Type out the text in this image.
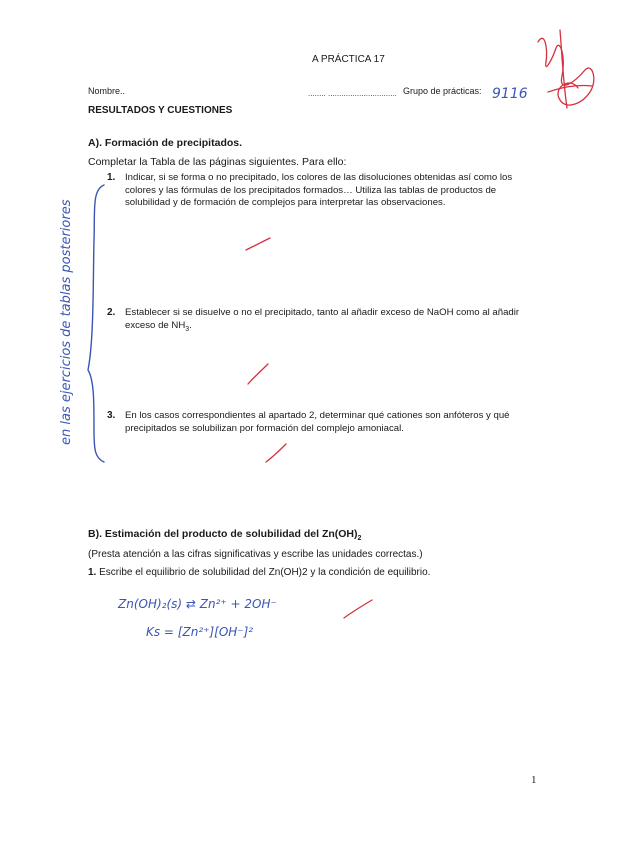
A PRÁCTICA 17
Nombre..	........ ............................... Grupo de prácticas:
RESULTADOS Y CUESTIONES
A). Formación de precipitados.
Completar la Tabla de las páginas siguientes. Para ello:
1. Indicar, si se forma o no precipitado, los colores de las disoluciones obtenidas así como los colores y las fórmulas de los precipitados formados… Utiliza las tablas de productos de solubilidad y de formación de complejos para interpretar las observaciones.
2. Establecer si se disuelve o no el precipitado, tanto al añadir exceso de NaOH como al añadir exceso de $NH_3$.
3. En los casos correspondientes al apartado 2, determinar qué cationes son anfóteros y qué precipitados se solubilizan por formación del complejo amoniacal.
B). Estimación del producto de solubilidad del $Zn(OH)_2$
(Presta atención a las cifras significativas y escribe las unidades correctas.)
1. Escribe el equilibrio de solubilidad del Zn(OH)2 y la condición de equilibrio.
1
9116
en las ejercicios de tablas posteriores
Zn(OH)₂(s) ⇄ Zn²⁺ + 2OH⁻
Ks = [Zn²⁺][OH⁻]²
